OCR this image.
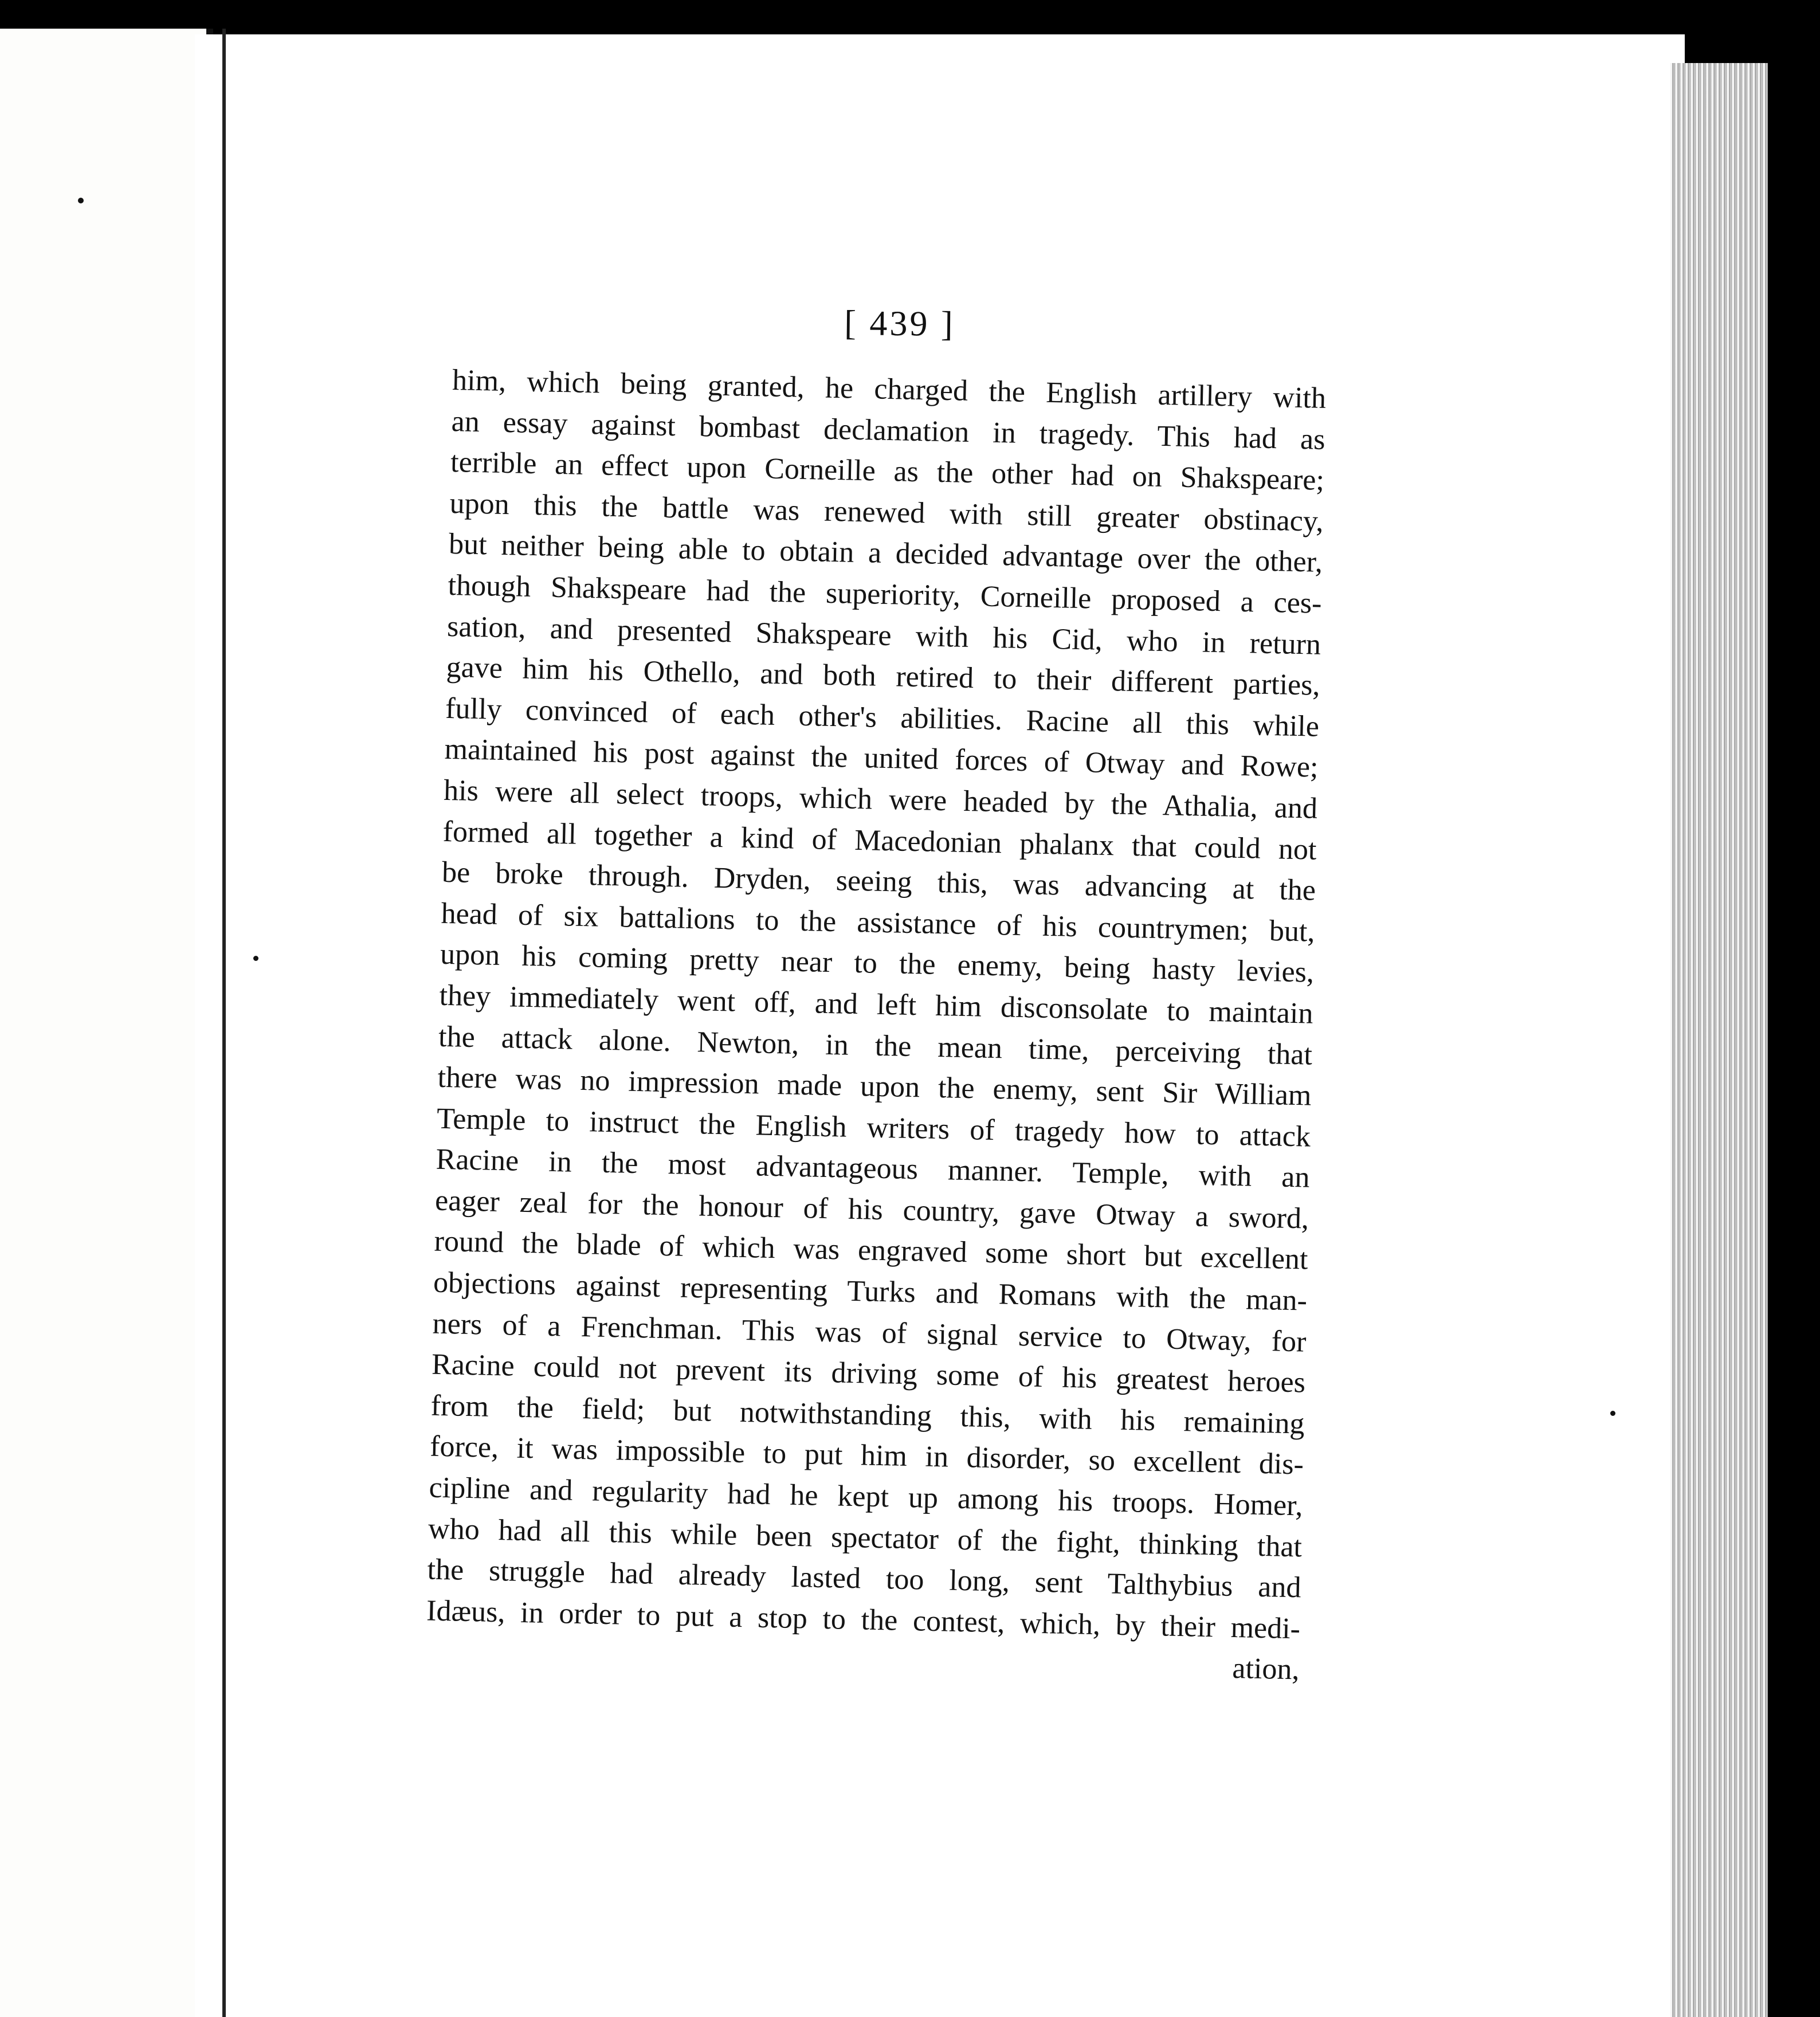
[ 439 ]
him, which being granted, he charged the English artillery with
an essay against bombast declamation in tragedy. This had as
terrible an effect upon Corneille as the other had on Shakspeare;
upon this the battle was renewed with still greater obstinacy,
but neither being able to obtain a decided advantage over the other,
though Shakspeare had the superiority, Corneille proposed a ces-
sation, and presented Shakspeare with his Cid, who in return
gave him his Othello, and both retired to their different parties,
fully convinced of each other's abilities. Racine all this while
maintained his post against the united forces of Otway and Rowe;
his were all select troops, which were headed by the Athalia, and
formed all together a kind of Macedonian phalanx that could not
be broke through. Dryden, seeing this, was advancing at the
head of six battalions to the assistance of his countrymen; but,
upon his coming pretty near to the enemy, being hasty levies,
they immediately went off, and left him disconsolate to maintain
the attack alone. Newton, in the mean time, perceiving that
there was no impression made upon the enemy, sent Sir William
Temple to instruct the English writers of tragedy how to attack
Racine in the most advantageous manner. Temple, with an
eager zeal for the honour of his country, gave Otway a sword,
round the blade of which was engraved some short but excellent
objections against representing Turks and Romans with the man-
ners of a Frenchman. This was of signal service to Otway, for
Racine could not prevent its driving some of his greatest heroes
from the field; but notwithstanding this, with his remaining
force, it was impossible to put him in disorder, so excellent dis-
cipline and regularity had he kept up among his troops. Homer,
who had all this while been spectator of the fight, thinking that
the struggle had already lasted too long, sent Talthybius and
Idæus, in order to put a stop to the contest, which, by their medi-
ation,
